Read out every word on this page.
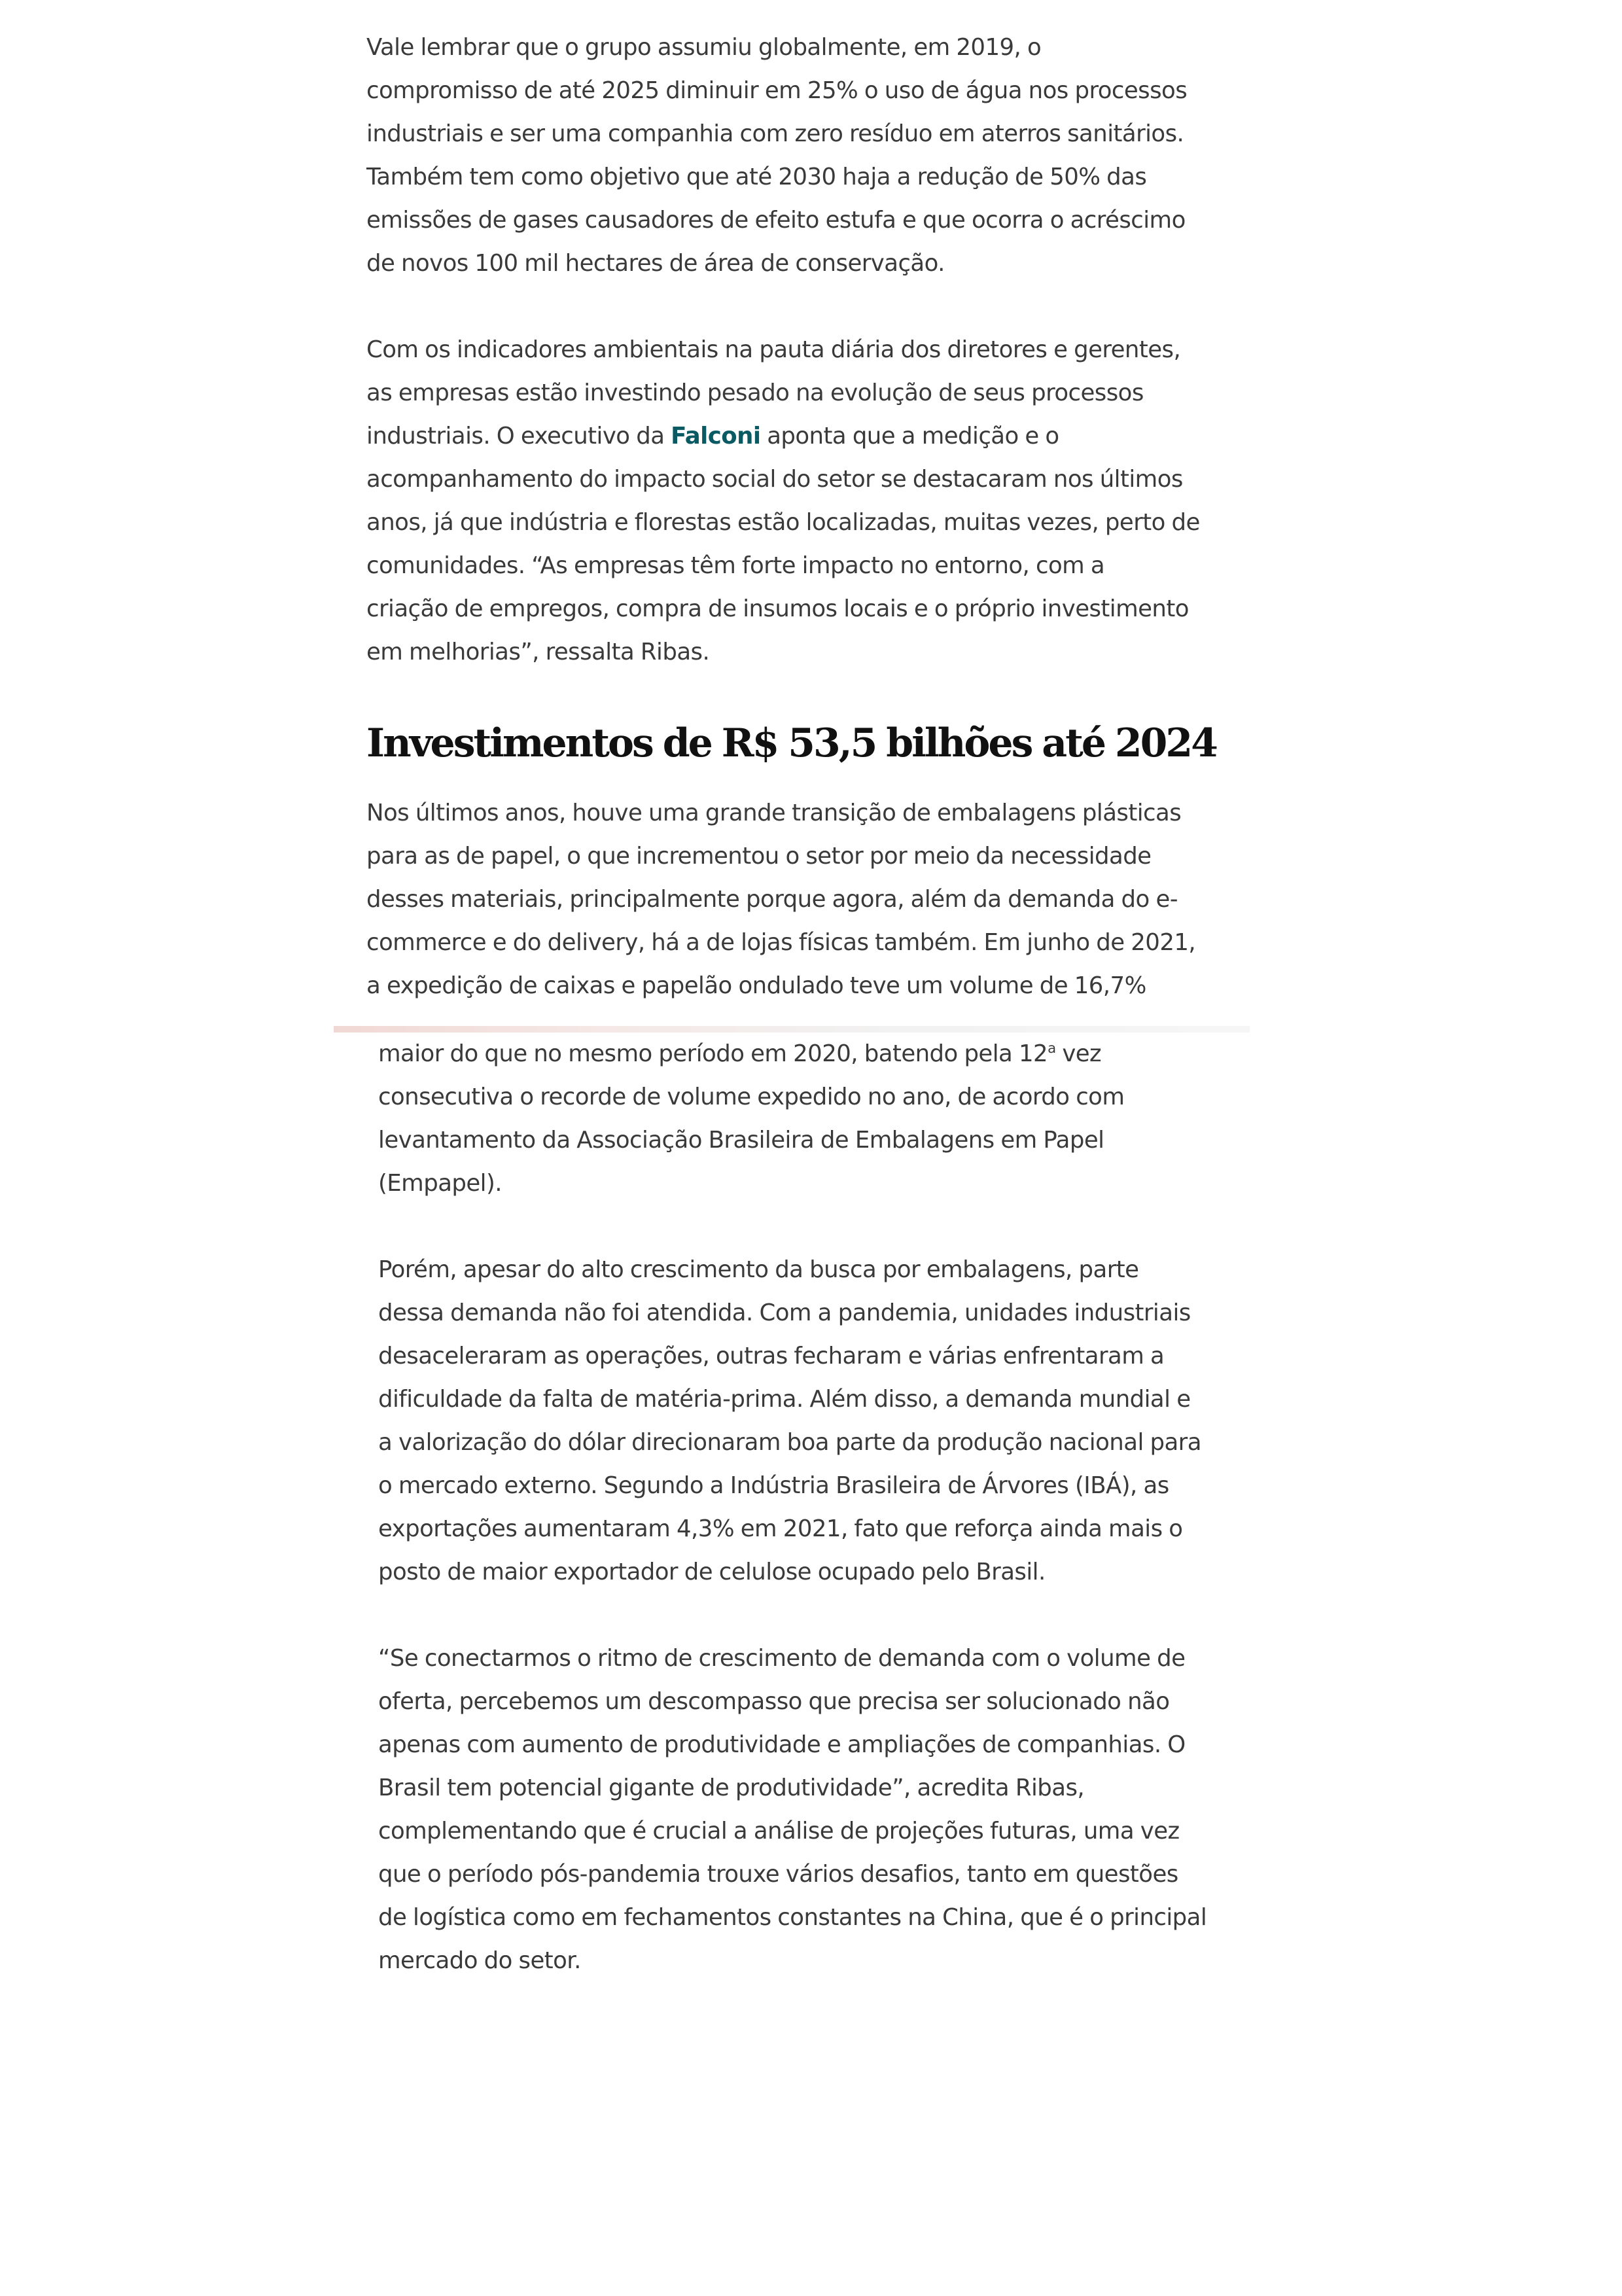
Vale lembrar que o grupo assumiu globalmente, em 2019, o
compromisso de até 2025 diminuir em 25% o uso de água nos processos
industriais e ser uma companhia com zero resíduo em aterros sanitários.
Também tem como objetivo que até 2030 haja a redução de 50% das
emissões de gases causadores de efeito estufa e que ocorra o acréscimo
de novos 100 mil hectares de área de conservação.

Com os indicadores ambientais na pauta diária dos diretores e gerentes,
as empresas estão investindo pesado na evolução de seus processos
industriais. O executivo da Falconi aponta que a medição e o
acompanhamento do impacto social do setor se destacaram nos últimos
anos, já que indústria e florestas estão localizadas, muitas vezes, perto de
comunidades. “As empresas têm forte impacto no entorno, com a
criação de empregos, compra de insumos locais e o próprio investimento
em melhorias”, ressalta Ribas.

Investimentos de R$ 53,5 bilhões até 2024

Nos últimos anos, houve uma grande transição de embalagens plásticas
para as de papel, o que incrementou o setor por meio da necessidade
desses materiais, principalmente porque agora, além da demanda do e-
commerce e do delivery, há a de lojas físicas também. Em junho de 2021,
a expedição de caixas e papelão ondulado teve um volume de 16,7%

maior do que no mesmo período em 2020, batendo pela 12$^a$ vez
consecutiva o recorde de volume expedido no ano, de acordo com
levantamento da Associação Brasileira de Embalagens em Papel
(Empapel).

Porém, apesar do alto crescimento da busca por embalagens, parte
dessa demanda não foi atendida. Com a pandemia, unidades industriais
desaceleraram as operações, outras fecharam e várias enfrentaram a
dificuldade da falta de matéria-prima. Além disso, a demanda mundial e
a valorização do dólar direcionaram boa parte da produção nacional para
o mercado externo. Segundo a Indústria Brasileira de Árvores (IBÁ), as
exportações aumentaram 4,3% em 2021, fato que reforça ainda mais o
posto de maior exportador de celulose ocupado pelo Brasil.

“Se conectarmos o ritmo de crescimento de demanda com o volume de
oferta, percebemos um descompasso que precisa ser solucionado não
apenas com aumento de produtividade e ampliações de companhias. O
Brasil tem potencial gigante de produtividade”, acredita Ribas,
complementando que é crucial a análise de projeções futuras, uma vez
que o período pós-pandemia trouxe vários desafios, tanto em questões
de logística como em fechamentos constantes na China, que é o principal
mercado do setor.
